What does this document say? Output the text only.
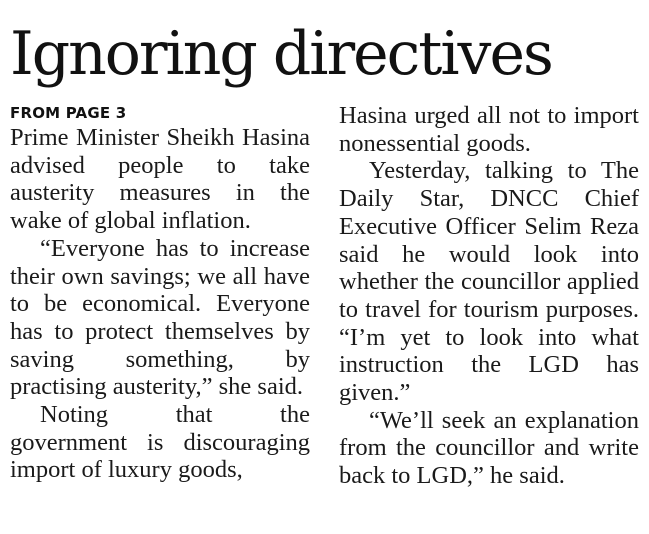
Ignoring directives
FROM PAGE 3

Prime Minister Sheikh Hasina advised people to take austerity measures in the wake of global inflation.

“Everyone has to increase their own savings; we all have to be economical. Everyone has to protect themselves by saving something, by practising austerity,” she said.

Noting that the government is discouraging import of luxury goods,

Hasina urged all not to import nonessential goods.

Yesterday, talking to The Daily Star, DNCC Chief Executive Officer Selim Reza said he would look into whether the councillor applied to travel for tourism purposes. “I’m yet to look into what instruction the LGD has given.”

“We’ll seek an explanation from the councillor and write back to LGD,” he said.
